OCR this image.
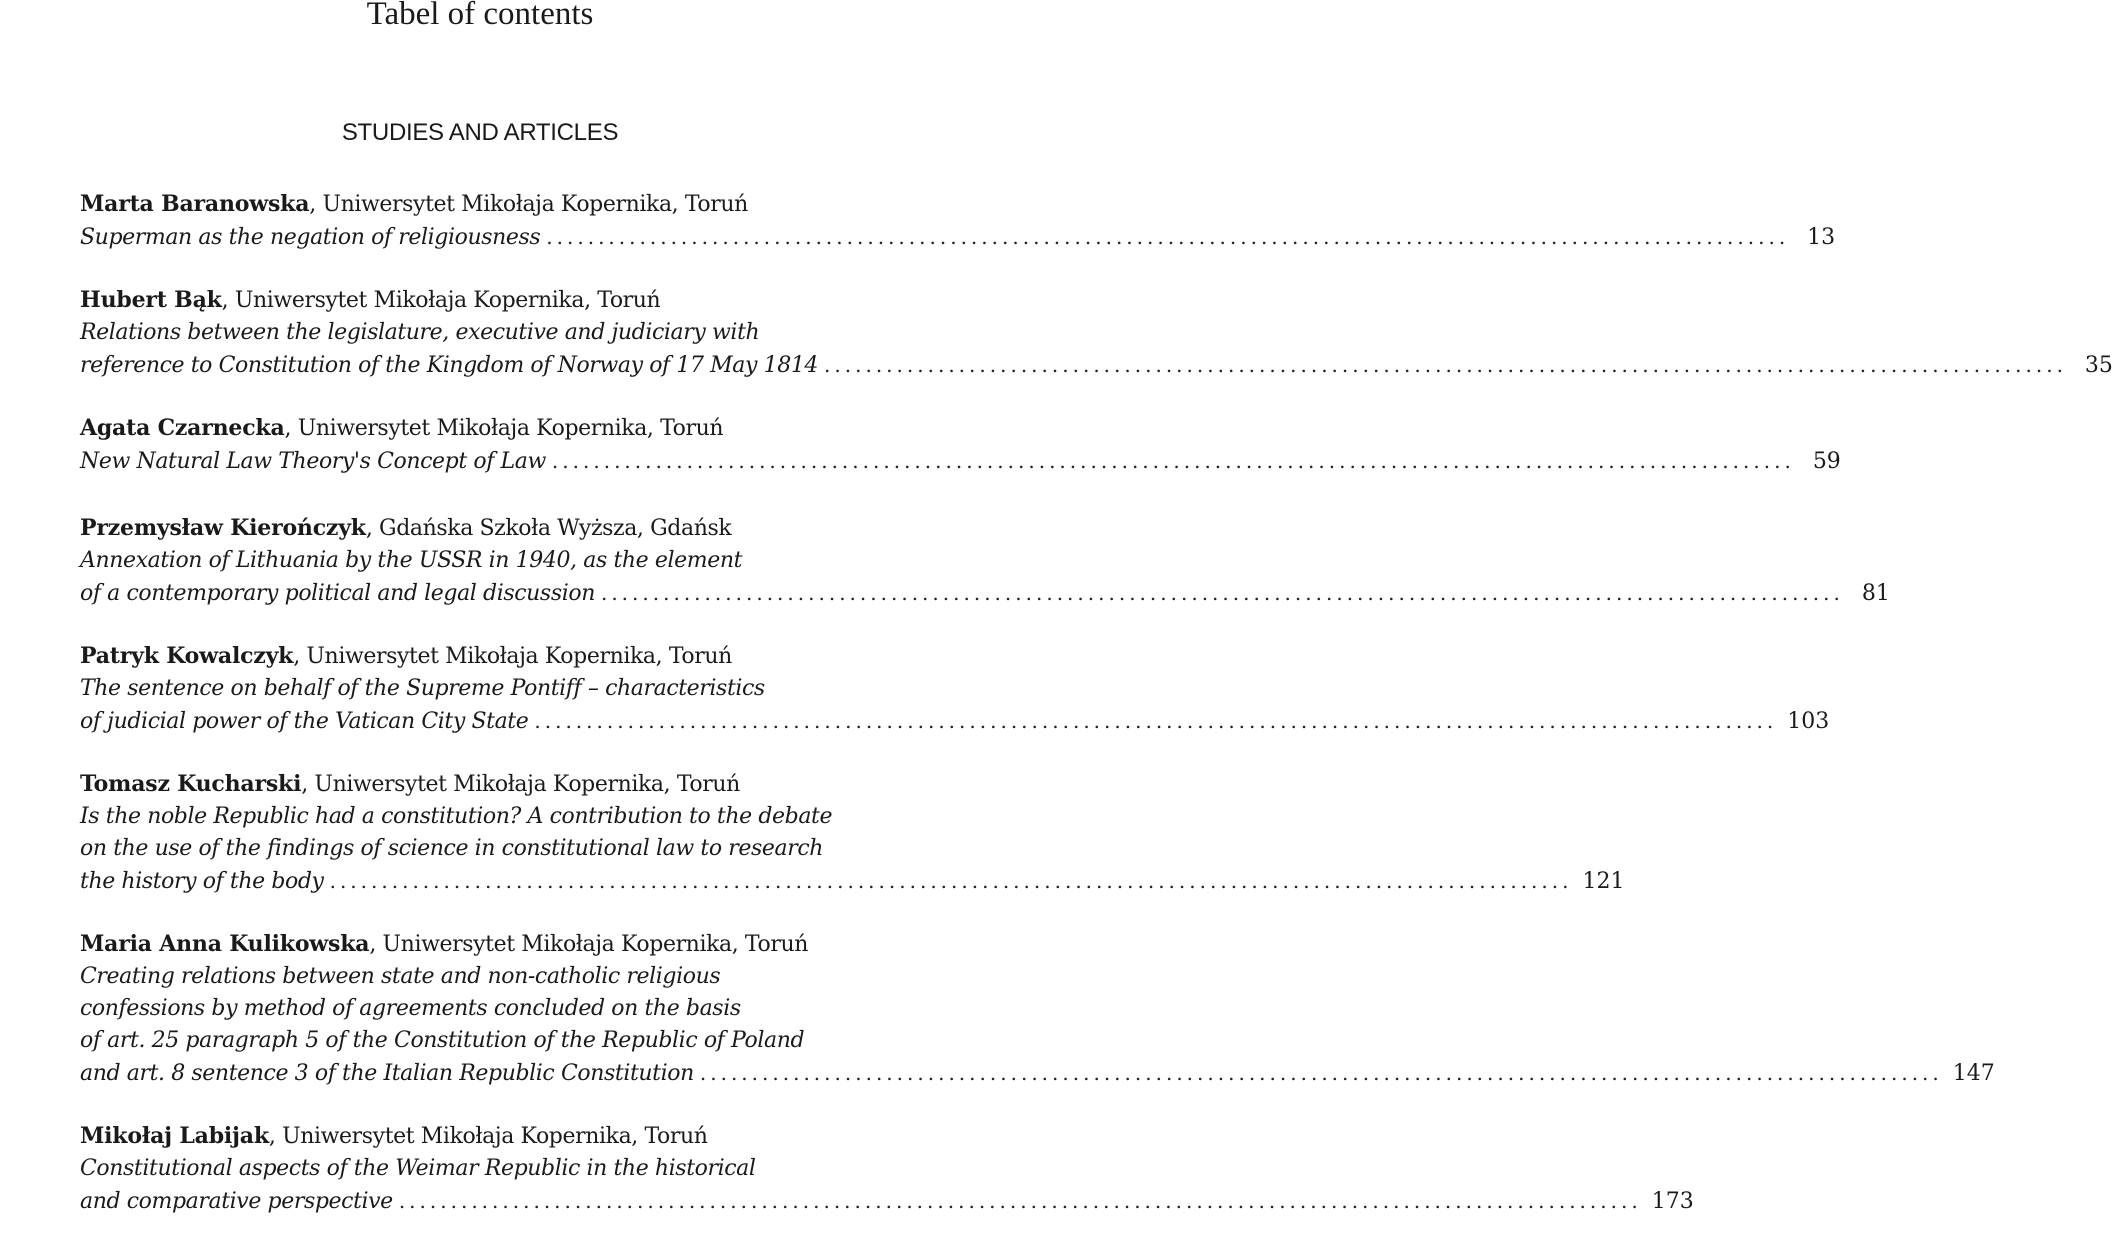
Tabel of contents
STUDIES AND ARTICLES
Marta Baranowska, Uniwersytet Mikołaja Kopernika, Toruń
Superman as the negation of religiousness ........................................................................................................................ 13
Hubert Bąk, Uniwersytet Mikołaja Kopernika, Toruń
Relations between the legislature, executive and judiciary with
reference to Constitution of the Kingdom of Norway of 17 May 1814 ........................................................................................................................ 35
Agata Czarnecka, Uniwersytet Mikołaja Kopernika, Toruń
New Natural Law Theory's Concept of Law ........................................................................................................................ 59
Przemysław Kierończyk, Gdańska Szkoła Wyższa, Gdańsk
Annexation of Lithuania by the USSR in 1940, as the element
of a contemporary political and legal discussion ........................................................................................................................ 81
Patryk Kowalczyk, Uniwersytet Mikołaja Kopernika, Toruń
The sentence on behalf of the Supreme Pontiff – characteristics
of judicial power of the Vatican City State ........................................................................................................................ 103
Tomasz Kucharski, Uniwersytet Mikołaja Kopernika, Toruń
Is the noble Republic had a constitution? A contribution to the debate
on the use of the findings of science in constitutional law to research
the history of the body ........................................................................................................................ 121
Maria Anna Kulikowska, Uniwersytet Mikołaja Kopernika, Toruń
Creating relations between state and non-catholic religious
confessions by method of agreements concluded on the basis
of art. 25 paragraph 5 of the Constitution of the Republic of Poland
and art. 8 sentence 3 of the Italian Republic Constitution ........................................................................................................................ 147
Mikołaj Labijak, Uniwersytet Mikołaja Kopernika, Toruń
Constitutional aspects of the Weimar Republic in the historical
and comparative perspective ........................................................................................................................ 173
